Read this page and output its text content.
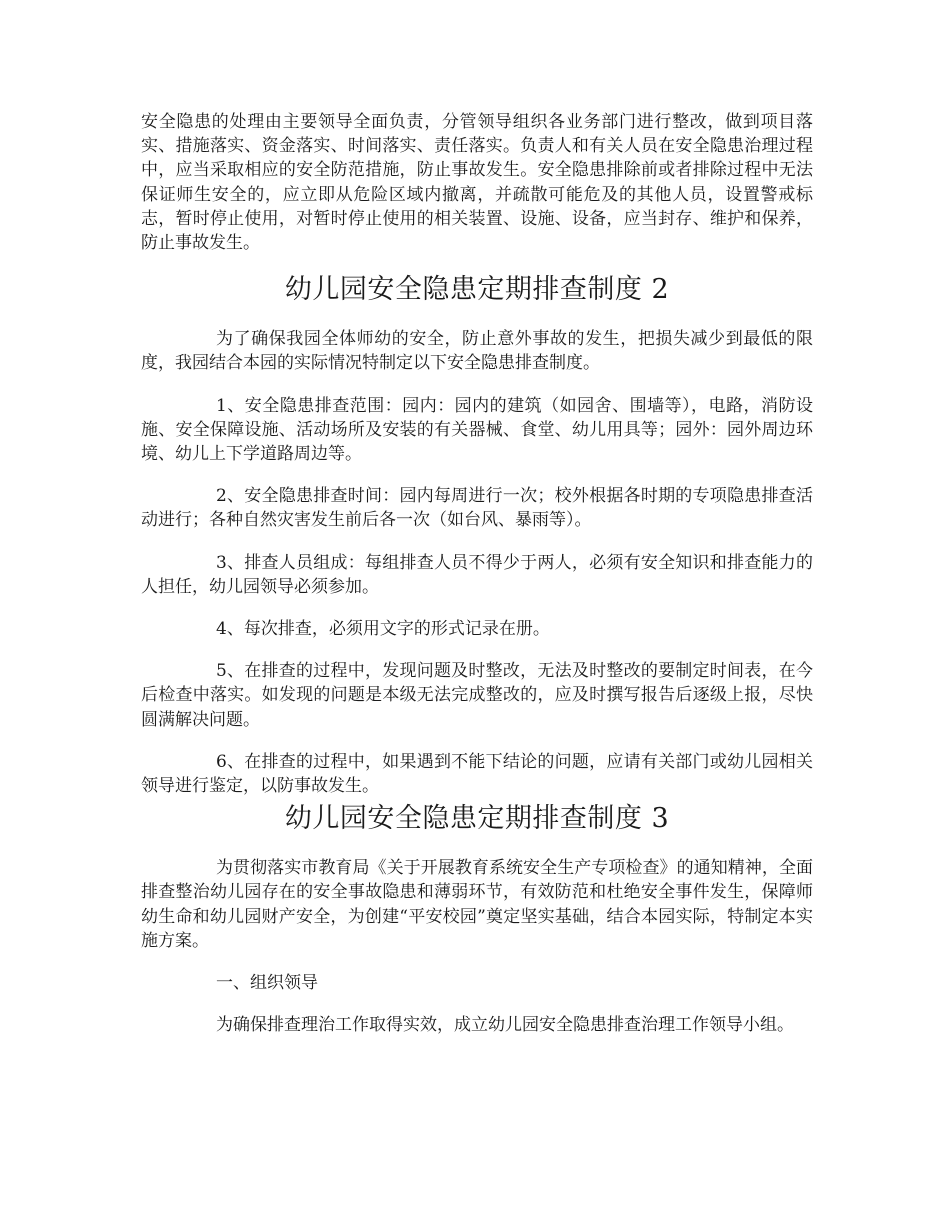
安全隐患的处理由主要领导全面负责，分管领导组织各业务部门进行整改，做到项目落实、措施落实、资金落实、时间落实、责任落实。负责人和有关人员在安全隐患治理过程中，应当采取相应的安全防范措施，防止事故发生。安全隐患排除前或者排除过程中无法保证师生安全的，应立即从危险区域内撤离，并疏散可能危及的其他人员，设置警戒标志，暂时停止使用，对暂时停止使用的相关装置、设施、设备，应当封存、维护和保养，防止事故发生。

幼儿园安全隐患定期排查制度 2

为了确保我园全体师幼的安全，防止意外事故的发生，把损失减少到最低的限度，我园结合本园的实际情况特制定以下安全隐患排查制度。

1、安全隐患排查范围：园内：园内的建筑（如园舍、围墙等），电路，消防设施、安全保障设施、活动场所及安装的有关器械、食堂、幼儿用具等；园外：园外周边环境、幼儿上下学道路周边等。

2、安全隐患排查时间：园内每周进行一次；校外根据各时期的专项隐患排查活动进行；各种自然灾害发生前后各一次（如台风、暴雨等）。

3、排查人员组成：每组排查人员不得少于两人，必须有安全知识和排查能力的人担任，幼儿园领导必须参加。

4、每次排查，必须用文字的形式记录在册。

5、在排查的过程中，发现问题及时整改，无法及时整改的要制定时间表，在今后检查中落实。如发现的问题是本级无法完成整改的，应及时撰写报告后逐级上报，尽快圆满解决问题。

6、在排查的过程中，如果遇到不能下结论的问题，应请有关部门或幼儿园相关领导进行鉴定，以防事故发生。

幼儿园安全隐患定期排查制度 3

为贯彻落实市教育局《关于开展教育系统安全生产专项检查》的通知精神，全面排查整治幼儿园存在的安全事故隐患和薄弱环节，有效防范和杜绝安全事件发生，保障师幼生命和幼儿园财产安全，为创建“平安校园”奠定坚实基础，结合本园实际，特制定本实施方案。

一、组织领导

为确保排查理治工作取得实效，成立幼儿园安全隐患排查治理工作领导小组。
